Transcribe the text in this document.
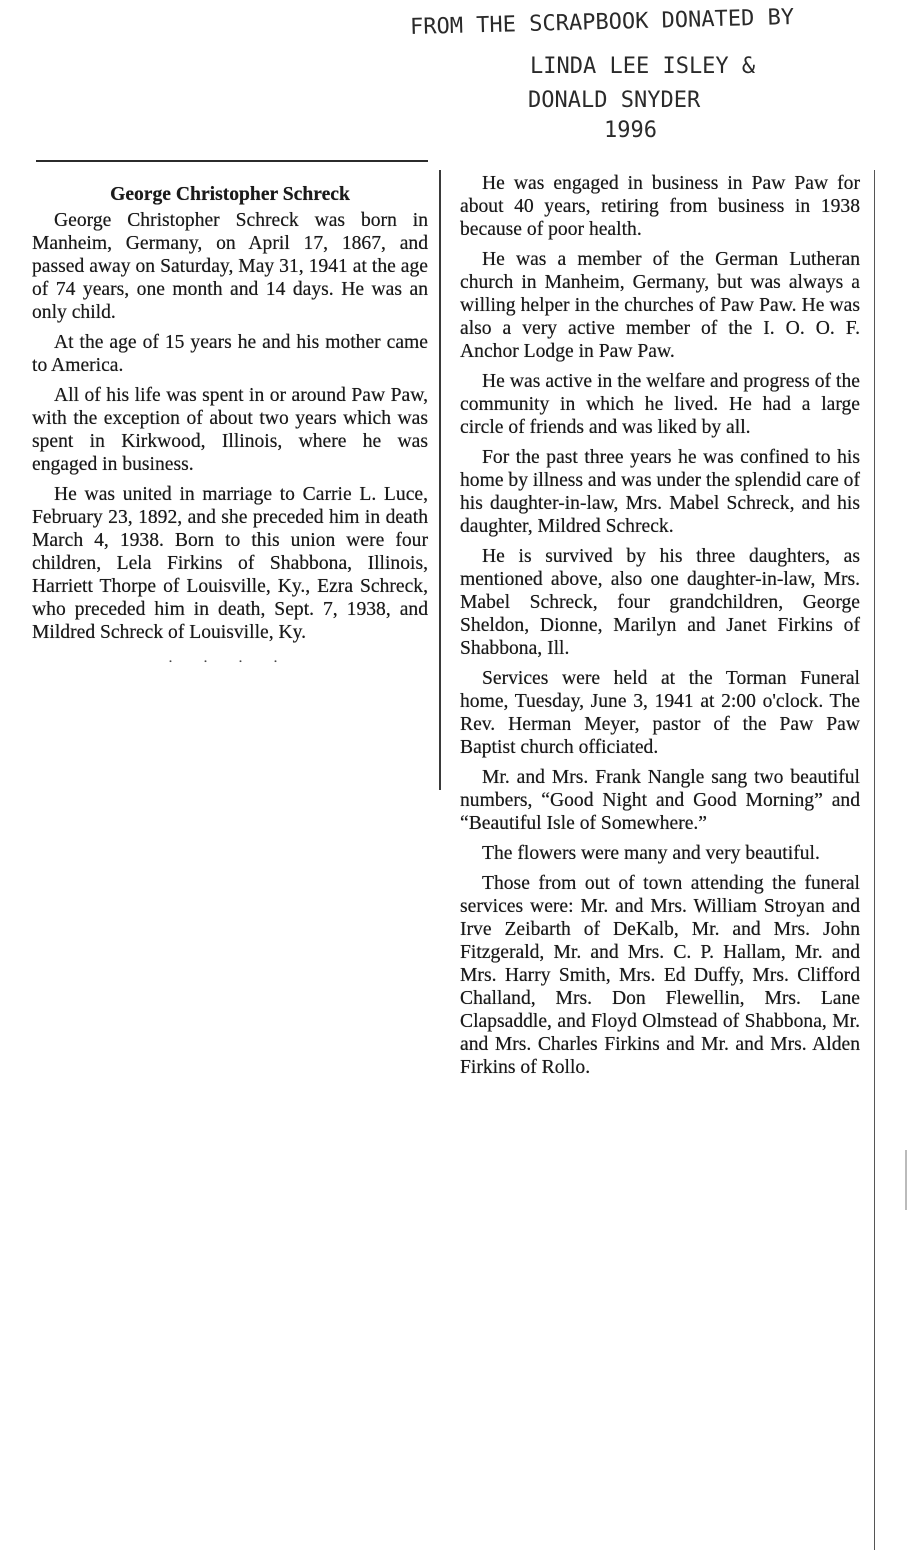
FROM THE SCRAPBOOK DONATED BY
LINDA LEE ISLEY &
DONALD SNYDER
1996
George Christopher Schreck

George Christopher Schreck was born in Manheim, Germany, on April 17, 1867, and passed away on Saturday, May 31, 1941 at the age of 74 years, one month and 14 days. He was an only child.

At the age of 15 years he and his mother came to America.

All of his life was spent in or around Paw Paw, with the exception of about two years which was spent in Kirkwood, Illinois, where he was engaged in business.

He was united in marriage to Carrie L. Luce, February 23, 1892, and she preceded him in death March 4, 1938. Born to this union were four children, Lela Firkins of Shabbona, Illinois, Harriett Thorpe of Louisville, Ky., Ezra Schreck, who preceded him in death, Sept. 7, 1938, and Mildred Schreck of Louisville, Ky.

. . . .

He was engaged in business in Paw Paw for about 40 years, retiring from business in 1938 because of poor health.

He was a member of the German Lutheran church in Manheim, Germany, but was always a willing helper in the churches of Paw Paw. He was also a very active member of the I. O. O. F. Anchor Lodge in Paw Paw.

He was active in the welfare and progress of the community in which he lived. He had a large circle of friends and was liked by all.

For the past three years he was confined to his home by illness and was under the splendid care of his daughter-in-law, Mrs. Mabel Schreck, and his daughter, Mildred Schreck.

He is survived by his three daughters, as mentioned above, also one daughter-in-law, Mrs. Mabel Schreck, four grandchildren, George Sheldon, Dionne, Marilyn and Janet Firkins of Shabbona, Ill.

Services were held at the Torman Funeral home, Tuesday, June 3, 1941 at 2:00 o'clock. The Rev. Herman Meyer, pastor of the Paw Paw Baptist church officiated.

Mr. and Mrs. Frank Nangle sang two beautiful numbers, “Good Night and Good Morning” and “Beautiful Isle of Somewhere.”

The flowers were many and very beautiful.

Those from out of town attending the funeral services were: Mr. and Mrs. William Stroyan and Irve Zeibarth of DeKalb, Mr. and Mrs. John Fitzgerald, Mr. and Mrs. C. P. Hallam, Mr. and Mrs. Harry Smith, Mrs. Ed Duffy, Mrs. Clifford Challand, Mrs. Don Flewellin, Mrs. Lane Clapsaddle, and Floyd Olmstead of Shabbona, Mr. and Mrs. Charles Firkins and Mr. and Mrs. Alden Firkins of Rollo.
